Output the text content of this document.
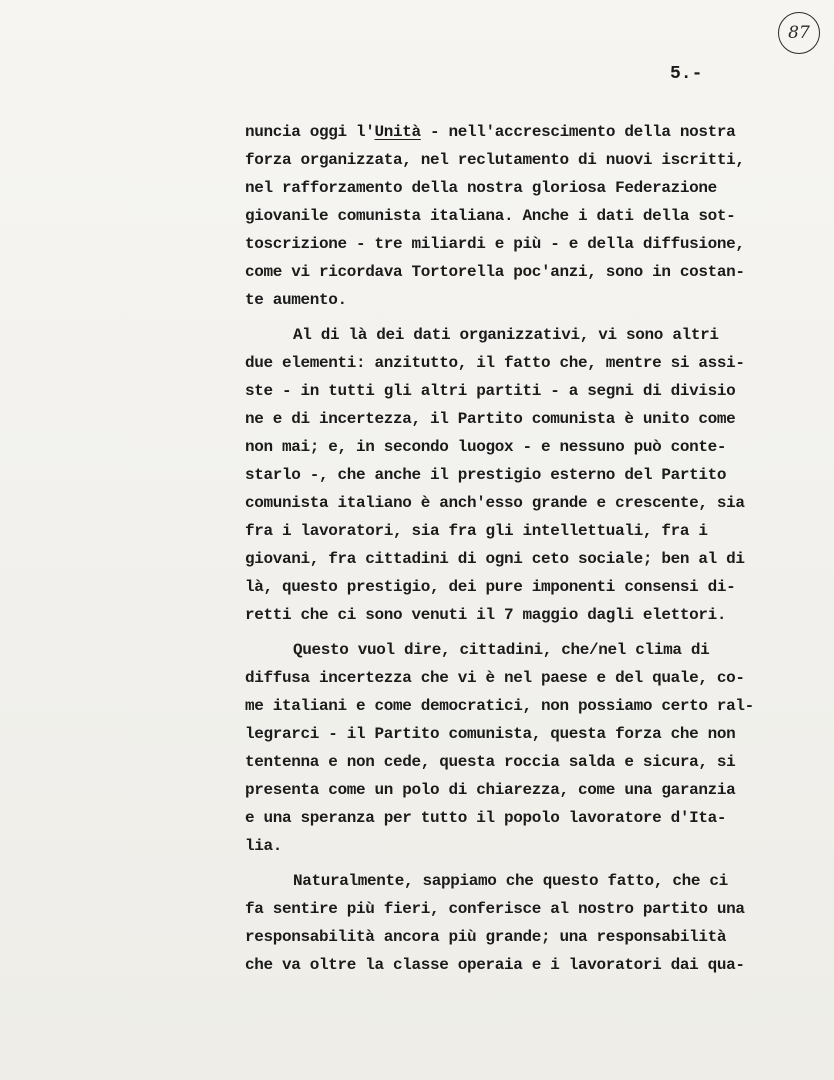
87
5.-
nuncia oggi l'Unità - nell'accrescimento della nostra
forza organizzata, nel reclutamento di nuovi iscritti,
nel rafforzamento della nostra gloriosa Federazione
giovanile comunista italiana. Anche i dati della sot-
toscrizione - tre miliardi e più - e della diffusione,
come vi ricordava Tortorella poc'anzi, sono in costan-
te aumento.
Al di là dei dati organizzativi, vi sono altri
due elementi: anzitutto, il fatto che, mentre si assi-
ste - in tutti gli altri partiti - a segni di divisio
ne e di incertezza, il Partito comunista è unito come
non mai; e, in secondo luogox - e nessuno può conte-
starlo -, che anche il prestigio esterno del Partito
comunista italiano è anch'esso grande e crescente, sia
fra i lavoratori, sia fra gli intellettuali, fra i
giovani, fra cittadini di ogni ceto sociale; ben al di
là, questo prestigio, dei pure imponenti consensi di-
retti che ci sono venuti il 7 maggio dagli elettori.
Questo vuol dire, cittadini, che/nel clima di
diffusa incertezza che vi è nel paese e del quale, co-
me italiani e come democratici, non possiamo certo ral-
legrarci - il Partito comunista, questa forza che non
tentenna e non cede, questa roccia salda e sicura, si
presenta come un polo di chiarezza, come una garanzia
e una speranza per tutto il popolo lavoratore d'Ita-
lia.
Naturalmente, sappiamo che questo fatto, che ci
fa sentire più fieri, conferisce al nostro partito una
responsabilità ancora più grande; una responsabilità
che va oltre la classe operaia e i lavoratori dai qua-
